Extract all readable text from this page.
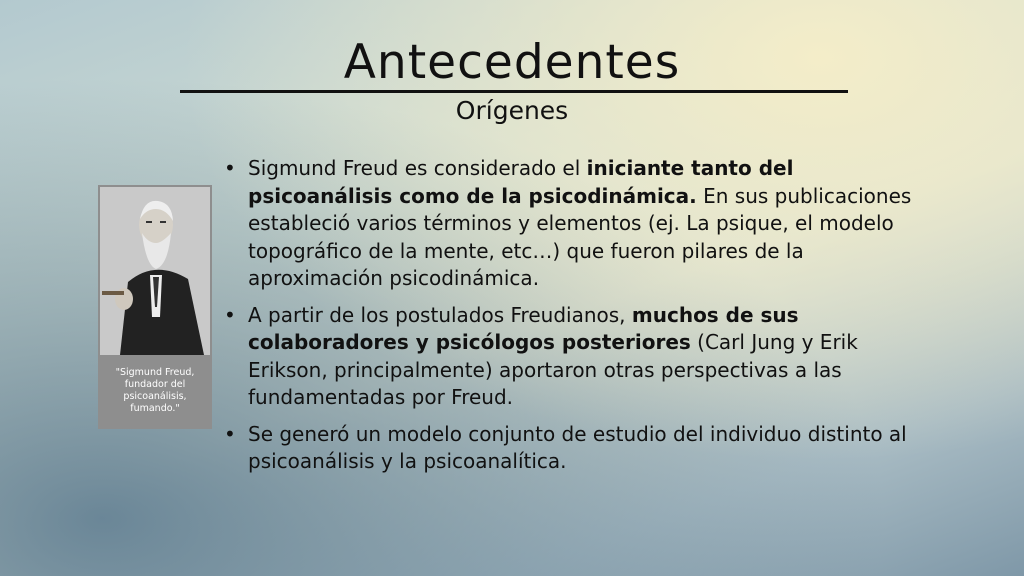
Antecedentes
Orígenes
"Sigmund Freud, fundador del psicoanálisis, fumando."
• Sigmund Freud es considerado el iniciante tanto del psicoanálisis como de la psicodinámica. En sus publicaciones estableció varios términos y elementos (ej. La psique, el modelo topográfico de la mente, etc…) que fueron pilares de la aproximación psicodinámica.
• A partir de los postulados Freudianos, muchos de sus colaboradores y psicólogos posteriores (Carl Jung y Erik Erikson, principalmente) aportaron otras perspectivas a las fundamentadas por Freud.
• Se generó un modelo conjunto de estudio del individuo distinto al psicoanálisis y la psicoanalítica.
